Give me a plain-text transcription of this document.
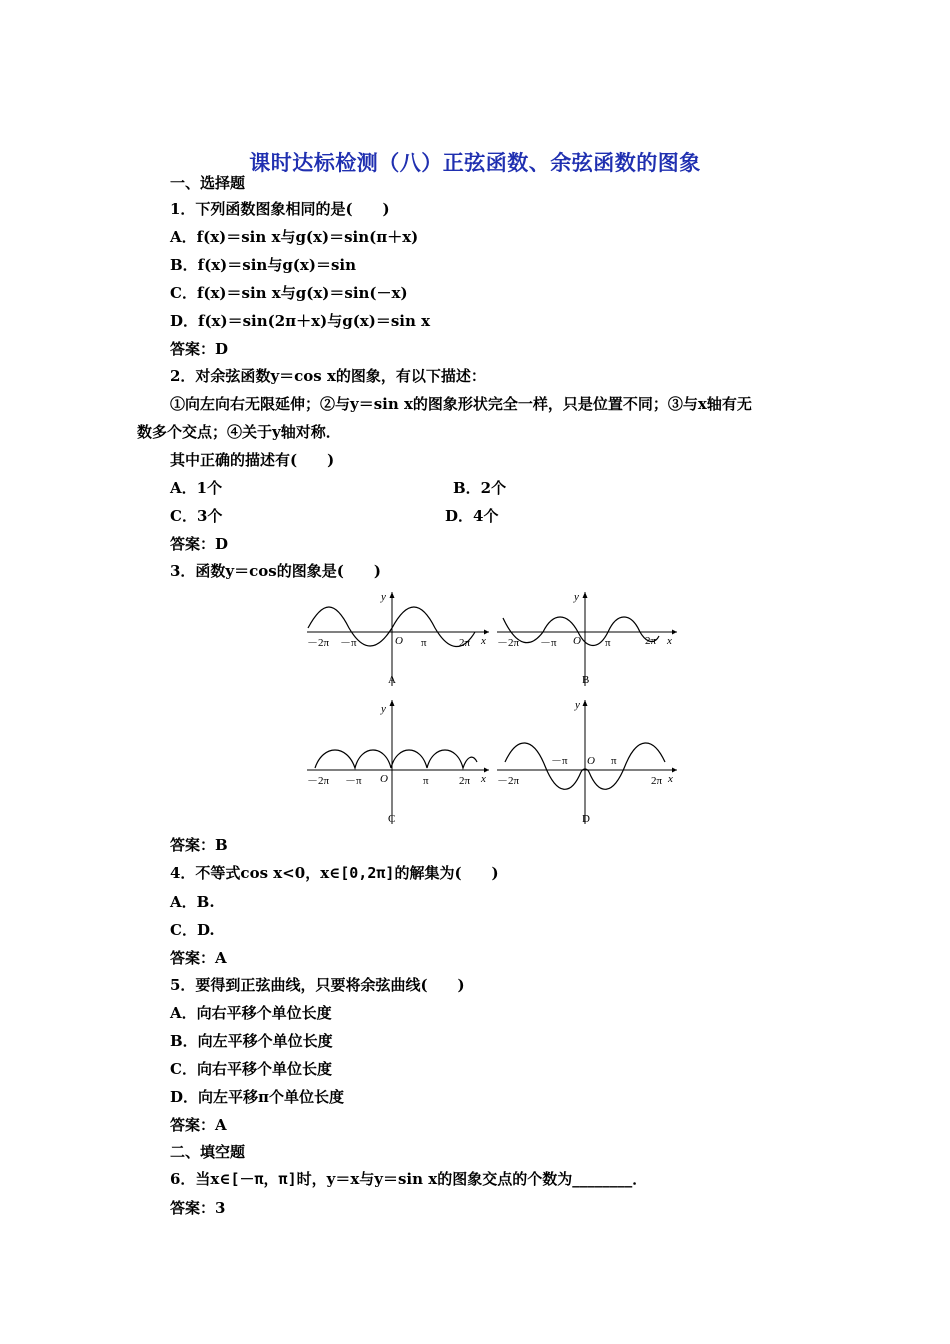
课时达标检测（八）正弦函数、余弦函数的图象
一、选择题
1．下列函数图象相同的是(　　)
A．f(x)＝sin x与g(x)＝sin(π＋x)
B．f(x)＝sin与g(x)＝sin
C．f(x)＝sin x与g(x)＝sin(－x)
D．f(x)＝sin(2π＋x)与g(x)＝sin x
答案：D
2．对余弦函数y＝cos x的图象，有以下描述：
①向左向右无限延伸；②与y＝sin x的图象形状完全一样，只是位置不同；③与x轴有无
数多个交点；④关于y轴对称．
其中正确的描述有(　　)
A．1个	B．2个
C．3个	D．4个
答案：D
3．函数y＝cos的图象是(　　)
－2π －π	O π	2π x
y
A
－2π －π O π	2π x
y
B
－2π －π O	π	2π x
y
C
－2π
－π O π
2π x
y
D
答案：B
4．不等式cos x<0，x∈[0,2π]的解集为(　　)
A．B.
C．D.
答案：A
5．要得到正弦曲线，只要将余弦曲线(　　)
A．向右平移个单位长度
B．向左平移个单位长度
C．向右平移个单位长度
D．向左平移π个单位长度
答案：A
二、填空题
6．当x∈[－π，π]时，y＝x与y＝sin x的图象交点的个数为________．
答案：3
